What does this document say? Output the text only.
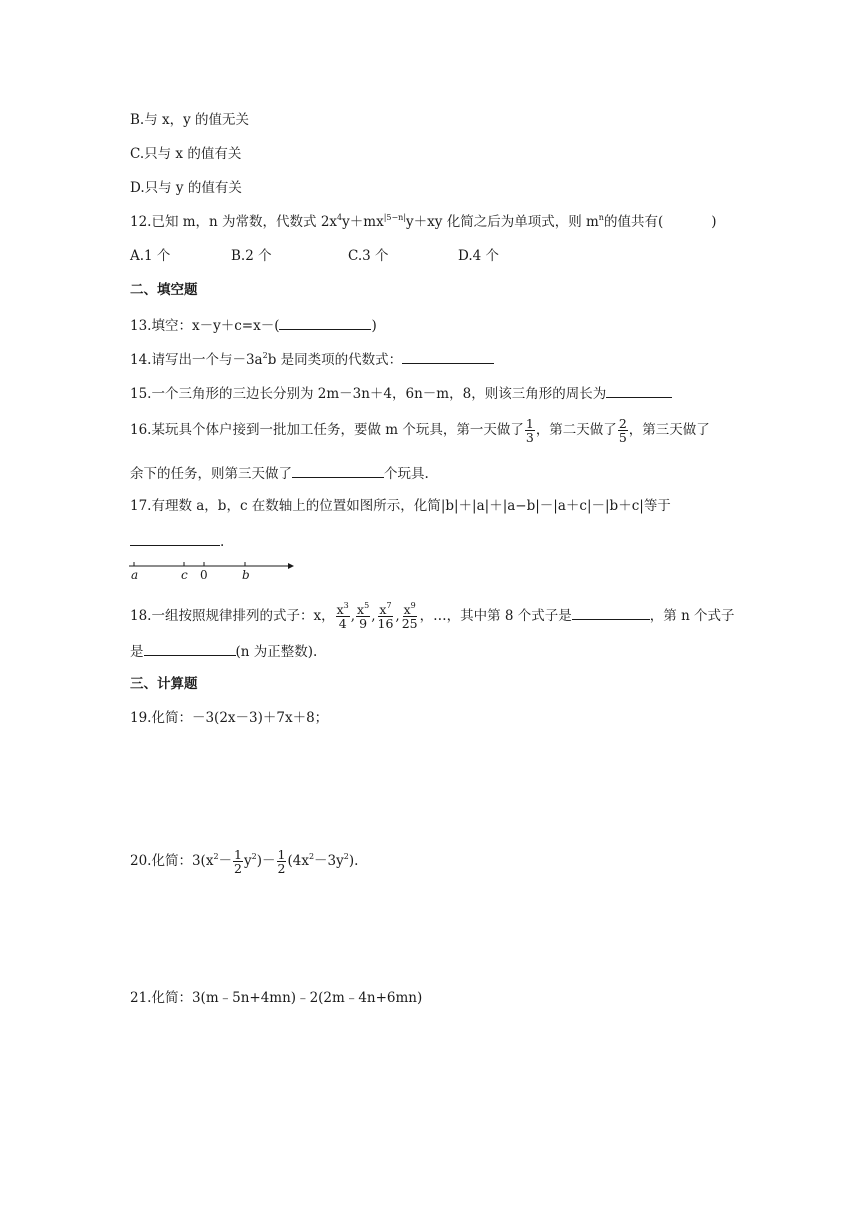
B.与 x，y 的值无关
C.只与 x 的值有关
D.只与 y 的值有关
12.已知 m，n 为常数，代数式 $2x^4y+mx^{|5-n|}y+xy$ 化简之后为单项式，则 $m^n$的值共有(	)
A.1 个	B.2 个	C.3 个	D.4 个
二、填空题
13.填空：x－y＋c=x－(	)
14.请写出一个与$-3a^2b$ 是同类项的代数式：
15.一个三角形的三边长分别为 2m－3n＋4，6n－m，8，则该三角形的周长为
16.某玩具个体户接到一批加工任务，要做 m 个玩具，第一天做了 $\frac{1}{3}$ ，第二天做了 $\frac{2}{5}$ ，第三天做了
余下的任务，则第三天做了	个玩具.
17.有理数 a，b，c 在数轴上的位置如图所示，化简|b|＋|a|＋|a−b|－|a＋c|－|b＋c|等于
.
a	c 0	b
18.一组按照规律排列的式子：x， $\frac{x^3}{4}$ , $\frac{x^5}{9}$ , $\frac{x^7}{16}$ , $\frac{x^9}{25}$ ，…，其中第 8 个式子是	，第 n 个式子
是	(n 为正整数).
三、计算题
19.化简：－3(2x－3)＋7x＋8；
20.化简：$3(x^2- \frac{1}{2} y^2)- \frac{1}{2} (4x^2-3y^2)$.
21.化简：3(m﹣5n+4mn)﹣2(2m﹣4n+6mn)
